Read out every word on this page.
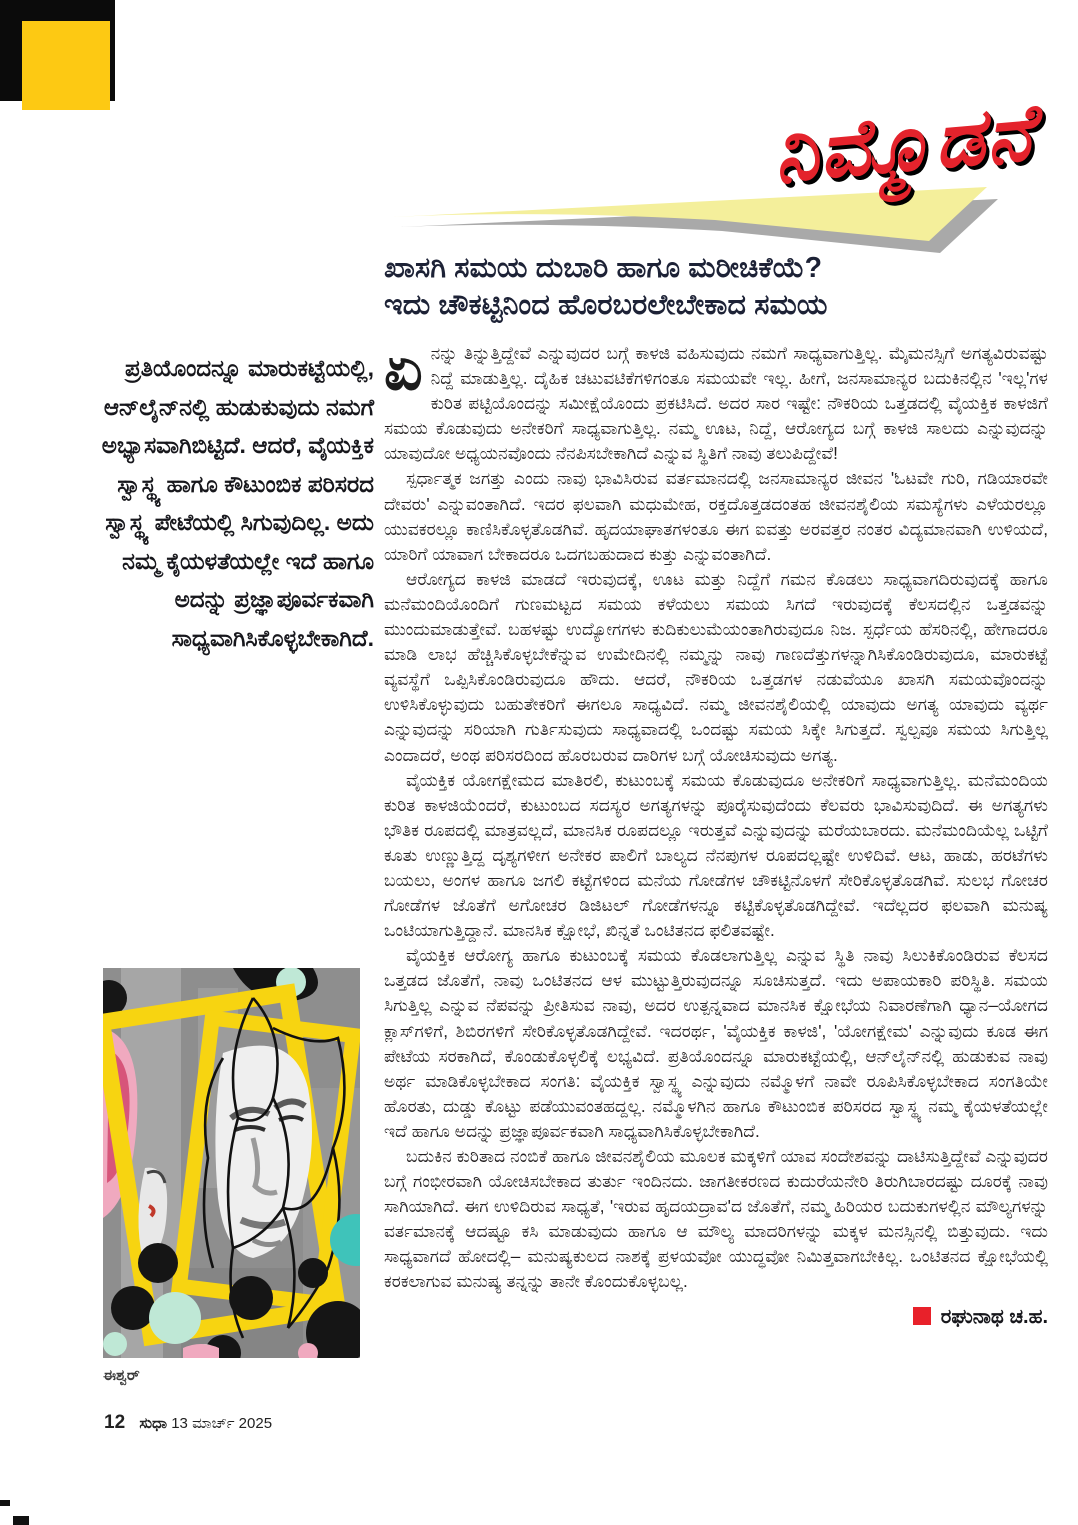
ನಿಮ್ಮೊಡನೆ
ಖಾಸಗಿ ಸಮಯ ದುಬಾರಿ ಹಾಗೂ ಮರೀಚಿಕೆಯೆ?
ಇದು ಚೌಕಟ್ಟಿನಿಂದ ಹೊರಬರಲೇಬೇಕಾದ ಸಮಯ
ಪ್ರತಿಯೊಂದನ್ನೂ ಮಾರುಕಟ್ಟೆಯಲ್ಲಿ, ಆನ್‌ಲೈನ್‌ನಲ್ಲಿ ಹುಡುಕುವುದು ನಮಗೆ ಅಭ್ಯಾಸವಾಗಿಬಿಟ್ಟಿದೆ. ಆದರೆ, ವೈಯಕ್ತಿಕ ಸ್ವಾಸ್ಥ್ಯ ಹಾಗೂ ಕೌಟುಂಬಿಕ ಪರಿಸರದ ಸ್ವಾಸ್ಥ್ಯ ಪೇಟೆಯಲ್ಲಿ ಸಿಗುವುದಿಲ್ಲ. ಅದು ನಮ್ಮ ಕೈಯಳತೆಯಲ್ಲೇ ಇದೆ ಹಾಗೂ ಅದನ್ನು ಪ್ರಜ್ಞಾಪೂರ್ವಕವಾಗಿ ಸಾಧ್ಯವಾಗಿಸಿಕೊಳ್ಳಬೇಕಾಗಿದೆ.

ಏನನ್ನು ತಿನ್ನುತ್ತಿದ್ದೇವೆ ಎನ್ನುವುದರ ಬಗ್ಗೆ ಕಾಳಜಿ ವಹಿಸುವುದು ನಮಗೆ ಸಾಧ್ಯವಾಗುತ್ತಿಲ್ಲ. ಮೈಮನಸ್ಸಿಗೆ ಅಗತ್ಯವಿರುವಷ್ಟು ನಿದ್ದೆ ಮಾಡುತ್ತಿಲ್ಲ. ದೈಹಿಕ ಚಟುವಟಿಕೆಗಳಿಗಂತೂ ಸಮಯವೇ ಇಲ್ಲ. ಹೀಗೆ, ಜನಸಾಮಾನ್ಯರ ಬದುಕಿನಲ್ಲಿನ 'ಇಲ್ಲ'ಗಳ ಕುರಿತ ಪಟ್ಟಿಯೊಂದನ್ನು ಸಮೀಕ್ಷೆಯೊಂದು ಪ್ರಕಟಿಸಿದೆ. ಅದರ ಸಾರ ಇಷ್ಟೇ: ನೌಕರಿಯ ಒತ್ತಡದಲ್ಲಿ ವೈಯಕ್ತಿಕ ಕಾಳಜಿಗೆ ಸಮಯ ಕೊಡುವುದು ಅನೇಕರಿಗೆ ಸಾಧ್ಯವಾಗುತ್ತಿಲ್ಲ. ನಮ್ಮ ಊಟ, ನಿದ್ದೆ, ಆರೋಗ್ಯದ ಬಗ್ಗೆ ಕಾಳಜಿ ಸಾಲದು ಎನ್ನುವುದನ್ನು ಯಾವುದೋ ಅಧ್ಯಯನವೊಂದು ನೆನಪಿಸಬೇಕಾಗಿದೆ ಎನ್ನುವ ಸ್ಥಿತಿಗೆ ನಾವು ತಲುಪಿದ್ದೇವೆ!

ಸ್ಪರ್ಧಾತ್ಮಕ ಜಗತ್ತು ಎಂದು ನಾವು ಭಾವಿಸಿರುವ ವರ್ತಮಾನದಲ್ಲಿ ಜನಸಾಮಾನ್ಯರ ಜೀವನ 'ಓಟವೇ ಗುರಿ, ಗಡಿಯಾರವೇ ದೇವರು' ಎನ್ನುವಂತಾಗಿದೆ. ಇದರ ಫಲವಾಗಿ ಮಧುಮೇಹ, ರಕ್ತದೊತ್ತಡದಂತಹ ಜೀವನಶೈಲಿಯ ಸಮಸ್ಯೆಗಳು ಎಳೆಯರಲ್ಲೂ ಯುವಕರಲ್ಲೂ ಕಾಣಿಸಿಕೊಳ್ಳತೊಡಗಿವೆ. ಹೃದಯಾಘಾತಗಳಂತೂ ಈಗ ಐವತ್ತು ಅರವತ್ತರ ನಂತರ ವಿದ್ಯಮಾನವಾಗಿ ಉಳಿಯದೆ, ಯಾರಿಗೆ ಯಾವಾಗ ಬೇಕಾದರೂ ಒದಗಬಹುದಾದ ಕುತ್ತು ಎನ್ನುವಂತಾಗಿದೆ.

ಆರೋಗ್ಯದ ಕಾಳಜಿ ಮಾಡದೆ ಇರುವುದಕ್ಕೆ, ಊಟ ಮತ್ತು ನಿದ್ದೆಗೆ ಗಮನ ಕೊಡಲು ಸಾಧ್ಯವಾಗದಿರುವುದಕ್ಕೆ ಹಾಗೂ ಮನೆಮಂದಿಯೊಂದಿಗೆ ಗುಣಮಟ್ಟದ ಸಮಯ ಕಳೆಯಲು ಸಮಯ ಸಿಗದೆ ಇರುವುದಕ್ಕೆ ಕೆಲಸದಲ್ಲಿನ ಒತ್ತಡವನ್ನು ಮುಂದುಮಾಡುತ್ತೇವೆ. ಬಹಳಷ್ಟು ಉದ್ಯೋಗಗಳು ಕುದಿಕುಲುಮೆಯಂತಾಗಿರುವುದೂ ನಿಜ. ಸ್ಪರ್ಧೆಯ ಹೆಸರಿನಲ್ಲಿ, ಹೇಗಾದರೂ ಮಾಡಿ ಲಾಭ ಹೆಚ್ಚಿಸಿಕೊಳ್ಳಬೇಕೆನ್ನುವ ಉಮೇದಿನಲ್ಲಿ ನಮ್ಮನ್ನು ನಾವು ಗಾಣದೆತ್ತುಗಳನ್ನಾಗಿಸಿಕೊಂಡಿರುವುದೂ, ಮಾರುಕಟ್ಟೆ ವ್ಯವಸ್ಥೆಗೆ ಒಪ್ಪಿಸಿಕೊಂಡಿರುವುದೂ ಹೌದು. ಆದರೆ, ನೌಕರಿಯ ಒತ್ತಡಗಳ ನಡುವೆಯೂ ಖಾಸಗಿ ಸಮಯವೊಂದನ್ನು ಉಳಿಸಿಕೊಳ್ಳುವುದು ಬಹುತೇಕರಿಗೆ ಈಗಲೂ ಸಾಧ್ಯವಿದೆ. ನಮ್ಮ ಜೀವನಶೈಲಿಯಲ್ಲಿ ಯಾವುದು ಅಗತ್ಯ ಯಾವುದು ವ್ಯರ್ಥ ಎನ್ನುವುದನ್ನು ಸರಿಯಾಗಿ ಗುರ್ತಿಸುವುದು ಸಾಧ್ಯವಾದಲ್ಲಿ ಒಂದಷ್ಟು ಸಮಯ ಸಿಕ್ಕೇ ಸಿಗುತ್ತದೆ. ಸ್ವಲ್ಪವೂ ಸಮಯ ಸಿಗುತ್ತಿಲ್ಲ ಎಂದಾದರೆ, ಅಂಥ ಪರಿಸರದಿಂದ ಹೊರಬರುವ ದಾರಿಗಳ ಬಗ್ಗೆ ಯೋಚಿಸುವುದು ಅಗತ್ಯ.

ವೈಯಕ್ತಿಕ ಯೋಗಕ್ಷೇಮದ ಮಾತಿರಲಿ, ಕುಟುಂಬಕ್ಕೆ ಸಮಯ ಕೊಡುವುದೂ ಅನೇಕರಿಗೆ ಸಾಧ್ಯವಾಗುತ್ತಿಲ್ಲ. ಮನೆಮಂದಿಯ ಕುರಿತ ಕಾಳಜಿಯೆಂದರೆ, ಕುಟುಂಬದ ಸದಸ್ಯರ ಅಗತ್ಯಗಳನ್ನು ಪೂರೈಸುವುದೆಂದು ಕೆಲವರು ಭಾವಿಸುವುದಿದೆ. ಈ ಅಗತ್ಯಗಳು ಭೌತಿಕ ರೂಪದಲ್ಲಿ ಮಾತ್ರವಲ್ಲದೆ, ಮಾನಸಿಕ ರೂಪದಲ್ಲೂ ಇರುತ್ತವೆ ಎನ್ನುವುದನ್ನು ಮರೆಯಬಾರದು. ಮನೆಮಂದಿಯೆಲ್ಲ ಒಟ್ಟಿಗೆ ಕೂತು ಉಣ್ಣುತ್ತಿದ್ದ ದೃಶ್ಯಗಳೀಗ ಅನೇಕರ ಪಾಲಿಗೆ ಬಾಲ್ಯದ ನೆನಪುಗಳ ರೂಪದಲ್ಲಷ್ಟೇ ಉಳಿದಿವೆ. ಆಟ, ಹಾಡು, ಹರಟೆಗಳು ಬಯಲು, ಅಂಗಳ ಹಾಗೂ ಜಗಲಿ ಕಟ್ಟೆಗಳಿಂದ ಮನೆಯ ಗೋಡೆಗಳ ಚೌಕಟ್ಟಿನೊಳಗೆ ಸೇರಿಕೊಳ್ಳತೊಡಗಿವೆ. ಸುಲಭ ಗೋಚರ ಗೋಡೆಗಳ ಜೊತೆಗೆ ಅಗೋಚರ ಡಿಜಿಟಲ್ ಗೋಡೆಗಳನ್ನೂ ಕಟ್ಟಿಕೊಳ್ಳತೊಡಗಿದ್ದೇವೆ. ಇದೆಲ್ಲದರ ಫಲವಾಗಿ ಮನುಷ್ಯ ಒಂಟಿಯಾಗುತ್ತಿದ್ದಾನೆ. ಮಾನಸಿಕ ಕ್ಷೋಭೆ, ಖಿನ್ನತೆ ಒಂಟಿತನದ ಫಲಿತವಷ್ಟೇ.

ವೈಯಕ್ತಿಕ ಆರೋಗ್ಯ ಹಾಗೂ ಕುಟುಂಬಕ್ಕೆ ಸಮಯ ಕೊಡಲಾಗುತ್ತಿಲ್ಲ ಎನ್ನುವ ಸ್ಥಿತಿ ನಾವು ಸಿಲುಕಿಕೊಂಡಿರುವ ಕೆಲಸದ ಒತ್ತಡದ ಜೊತೆಗೆ, ನಾವು ಒಂಟಿತನದ ಆಳ ಮುಟ್ಟುತ್ತಿರುವುದನ್ನೂ ಸೂಚಿಸುತ್ತದೆ. ಇದು ಅಪಾಯಕಾರಿ ಪರಿಸ್ಥಿತಿ. ಸಮಯ ಸಿಗುತ್ತಿಲ್ಲ ಎನ್ನುವ ನೆಪವನ್ನು ಪ್ರೀತಿಸುವ ನಾವು, ಅದರ ಉತ್ಪನ್ನವಾದ ಮಾನಸಿಕ ಕ್ಷೋಭೆಯ ನಿವಾರಣೆಗಾಗಿ ಧ್ಯಾನ–ಯೋಗದ ಕ್ಲಾಸ್‌ಗಳಿಗೆ, ಶಿಬಿರಗಳಿಗೆ ಸೇರಿಕೊಳ್ಳತೊಡಗಿದ್ದೇವೆ. ಇದರರ್ಥ, 'ವೈಯಕ್ತಿಕ ಕಾಳಜಿ', 'ಯೋಗಕ್ಷೇಮ' ಎನ್ನುವುದು ಕೂಡ ಈಗ ಪೇಟೆಯ ಸರಕಾಗಿದೆ, ಕೊಂಡುಕೊಳ್ಳಲಿಕ್ಕೆ ಲಭ್ಯವಿದೆ. ಪ್ರತಿಯೊಂದನ್ನೂ ಮಾರುಕಟ್ಟೆಯಲ್ಲಿ, ಆನ್‌ಲೈನ್‌ನಲ್ಲಿ ಹುಡುಕುವ ನಾವು ಅರ್ಥ ಮಾಡಿಕೊಳ್ಳಬೇಕಾದ ಸಂಗತಿ: ವೈಯಕ್ತಿಕ ಸ್ವಾಸ್ಥ್ಯ ಎನ್ನುವುದು ನಮ್ಮೊಳಗೆ ನಾವೇ ರೂಪಿಸಿಕೊಳ್ಳಬೇಕಾದ ಸಂಗತಿಯೇ ಹೊರತು, ದುಡ್ಡು ಕೊಟ್ಟು ಪಡೆಯುವಂತಹದ್ದಲ್ಲ. ನಮ್ಮೊಳಗಿನ ಹಾಗೂ ಕೌಟುಂಬಿಕ ಪರಿಸರದ ಸ್ವಾಸ್ಥ್ಯ ನಮ್ಮ ಕೈಯಳತೆಯಲ್ಲೇ ಇದೆ ಹಾಗೂ ಅದನ್ನು ಪ್ರಜ್ಞಾಪೂರ್ವಕವಾಗಿ ಸಾಧ್ಯವಾಗಿಸಿಕೊಳ್ಳಬೇಕಾಗಿದೆ.

ಬದುಕಿನ ಕುರಿತಾದ ನಂಬಿಕೆ ಹಾಗೂ ಜೀವನಶೈಲಿಯ ಮೂಲಕ ಮಕ್ಕಳಿಗೆ ಯಾವ ಸಂದೇಶವನ್ನು ದಾಟಿಸುತ್ತಿದ್ದೇವೆ ಎನ್ನುವುದರ ಬಗ್ಗೆ ಗಂಭೀರವಾಗಿ ಯೋಚಿಸಬೇಕಾದ ತುರ್ತು ಇಂದಿನದು. ಜಾಗತೀಕರಣದ ಕುದುರೆಯನೇರಿ ತಿರುಗಿಬಾರದಷ್ಟು ದೂರಕ್ಕೆ ನಾವು ಸಾಗಿಯಾಗಿದೆ. ಈಗ ಉಳಿದಿರುವ ಸಾಧ್ಯತೆ, 'ಇರುವ ಹೃದಯದ್ರಾವ'ದ ಜೊತೆಗೆ, ನಮ್ಮ ಹಿರಿಯರ ಬದುಕುಗಳಲ್ಲಿನ ಮೌಲ್ಯಗಳನ್ನು ವರ್ತಮಾನಕ್ಕೆ ಆದಷ್ಟೂ ಕಸಿ ಮಾಡುವುದು ಹಾಗೂ ಆ ಮೌಲ್ಯ ಮಾದರಿಗಳನ್ನು ಮಕ್ಕಳ ಮನಸ್ಸಿನಲ್ಲಿ ಬಿತ್ತುವುದು. ಇದು ಸಾಧ್ಯವಾಗದೆ ಹೋದಲ್ಲಿ– ಮನುಷ್ಯಕುಲದ ನಾಶಕ್ಕೆ ಪ್ರಳಯವೋ ಯುದ್ಧವೋ ನಿಮಿತ್ತವಾಗಬೇಕಿಲ್ಲ. ಒಂಟಿತನದ ಕ್ಷೋಭೆಯಲ್ಲಿ ಕರಕಲಾಗುವ ಮನುಷ್ಯ ತನ್ನನ್ನು ತಾನೇ ಕೊಂದುಕೊಳ್ಳಬಲ್ಲ.

ರಘುನಾಥ ಚ.ಹ.
ಈಶ್ವರ್
12 ಸುಧಾ 13 ಮಾರ್ಚ್ 2025
